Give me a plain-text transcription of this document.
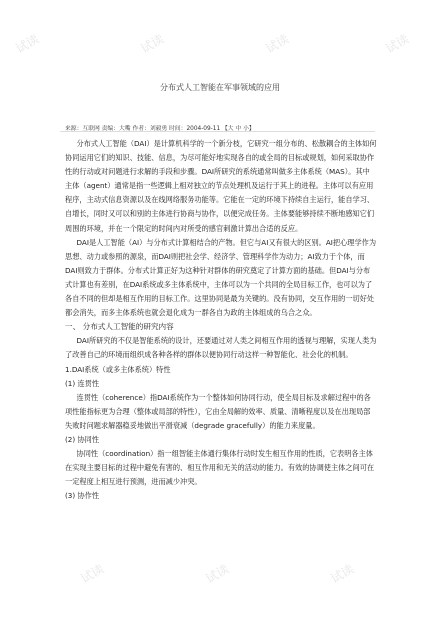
试读	试读	试读	试读
试读	试读	试读
分布式人工智能在军事领域的应用
来源：互联网 责编：大嘴 作者：刘毅勇 时间：2004-09-11 【大 中 小】

分布式人工智能（DAI）是计算机科学的一个新分枝，它研究一组分布的、松散耦合的主体如何协同运用它们的知识、技能、信息，为尽可能好地实现各自的或全局的目标或规划，如何采取协作性的行动或对问题进行求解的手段和步骤。DAI所研究的系统通常叫做多主体系统（MAS）。其中主体（agent）通常是指一些逻辑上相对独立的节点处理机及运行于其上的进程。主体可以有应用程序，主动式信息资源以及在线网络服务功能等。它能在一定的环境下持续自主运行，能自学习、自增长，同时又可以和别的主体进行协商与协作，以便完成任务。主体要能够持续不断地感知它们周围的环境，并在一个限定的时间内对所受的感官刺激计算出合适的反应。

DAI是人工智能（AI）与分布式计算相结合的产物。但它与AI又有很大的区别。AI把心理学作为思想、动力或参照的源泉，而DAI则把社会学、经济学、管理科学作为动力；AI致力于个体，而DAI则致力于群体。分布式计算正好为这种针对群体的研究奠定了计算方面的基础。但DAI与分布式计算也有差别，在DAI系统或多主体系统中，主体可以为一个共同的全局目标工作，也可以为了各自不同的但却是相互作用的目标工作。这里协同是最为关键的。没有协同，交互作用的一切好处都会消失，而多主体系统也就会退化成为一群各自为政的主体组成的乌合之众。

一、 分布式人工智能的研究内容

DAI所研究的不仅是智能系统的设计，还要通过对人类之间相互作用的透视与理解，实现人类为了改善自己的环境而组织成各种各样的群体以便协同行动这样一种智能化、社会化的机制。

1.DAI系统（或多主体系统）特性

(1) 连贯性

连贯性（coherence）指DAI系统作为一个整体如何协同行动，使全局目标及求解过程中的各项性能指标更为合理（整体或局部的特性），它由全局解的效率、质量、清晰程度以及在出现局部失败时问题求解器稳妥地做出平滑衰减（degrade gracefully）的能力来度量。

(2) 协同性

协同性（coordination）指一组智能主体通行集体行动时发生相互作用的性质，它表明各主体在实现主要目标的过程中避免有害的、相互作用和无关的活动的能力。有效的协调使主体之间可在一定程度上相互进行预测，进而减少冲突。

(3) 协作性
